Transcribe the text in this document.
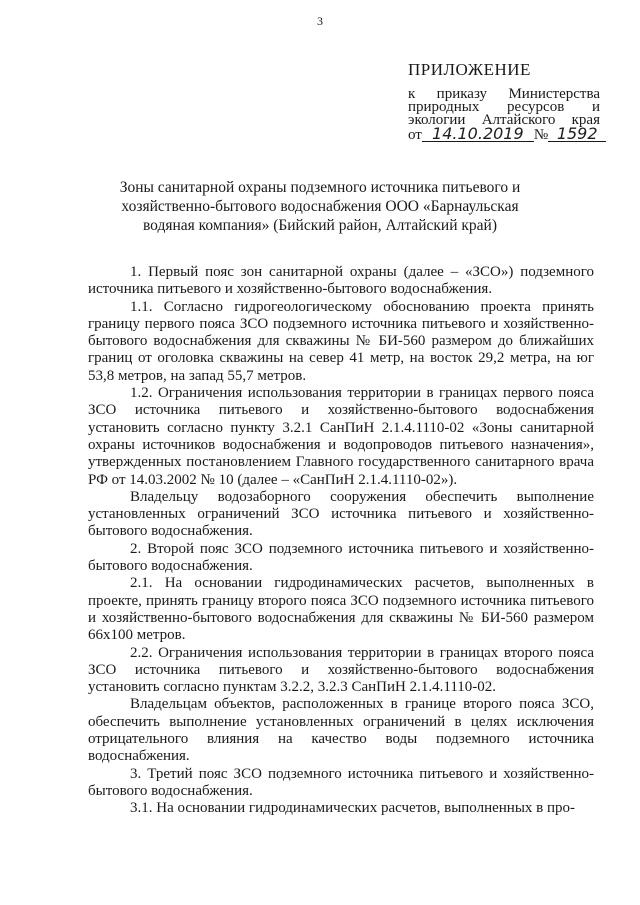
3
ПРИЛОЖЕНИЕ
к приказу Министерства природных ресурсов и экологии Алтайского края
от 14.10.2019 № 1592
Зоны санитарной охраны подземного источника питьевого и хозяйственно-бытового водоснабжения ООО «Барнаульская водяная компания» (Бийский район, Алтайский край)

1. Первый пояс зон санитарной охраны (далее – «ЗСО») подземного источника питьевого и хозяйственно-бытового водоснабжения.

1.1. Согласно гидрогеологическому обоснованию проекта принять границу первого пояса ЗСО подземного источника питьевого и хозяйственно-бытового водоснабжения для скважины № БИ-560 размером до ближайших границ от оголовка скважины на север 41 метр, на восток 29,2 метра, на юг 53,8 метров, на запад 55,7 метров.

1.2. Ограничения использования территории в границах первого пояса ЗСО источника питьевого и хозяйственно-бытового водоснабжения установить согласно пункту 3.2.1 СанПиН 2.1.4.1110-02 «Зоны санитарной охраны источников водоснабжения и водопроводов питьевого назначения», утвержденных постановлением Главного государственного санитарного врача РФ от 14.03.2002 № 10 (далее – «СанПиН 2.1.4.1110-02»).

Владельцу водозаборного сооружения обеспечить выполнение установленных ограничений ЗСО источника питьевого и хозяйственно-бытового водоснабжения.

2. Второй пояс ЗСО подземного источника питьевого и хозяйственно-бытового водоснабжения.

2.1. На основании гидродинамических расчетов, выполненных в проекте, принять границу второго пояса ЗСО подземного источника питьевого и хозяйственно-бытового водоснабжения для скважины № БИ-560 размером 66х100 метров.

2.2. Ограничения использования территории в границах второго пояса ЗСО источника питьевого и хозяйственно-бытового водоснабжения установить согласно пунктам 3.2.2, 3.2.3 СанПиН 2.1.4.1110-02.

Владельцам объектов, расположенных в границе второго пояса ЗСО, обеспечить выполнение установленных ограничений в целях исключения отрицательного влияния на качество воды подземного источника водоснабжения.

3. Третий пояс ЗСО подземного источника питьевого и хозяйственно-бытового водоснабжения.

3.1. На основании гидродинамических расчетов, выполненных в про-
